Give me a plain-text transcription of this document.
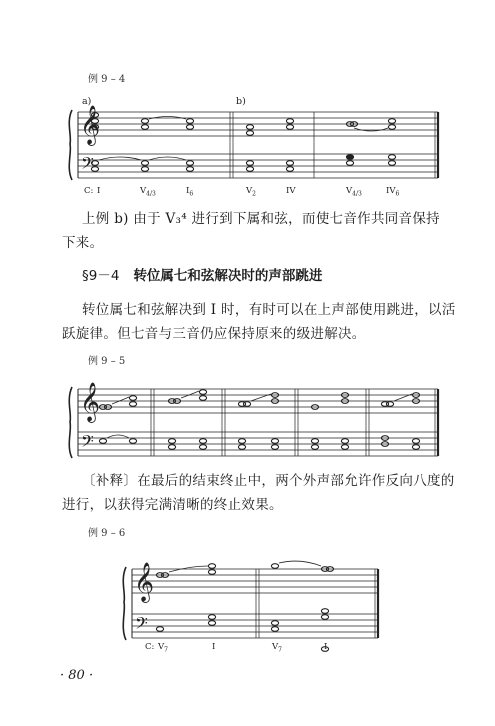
例 9 – 4
a)	b)
𝄞
𝄢
𝄞
𝄢
𝄞
𝄢
C: I	$V_{4/3}$	$I_6$	$V_2$	IV	$V_{4/3}$	$IV_6$
上例 b) 由于 V₃⁴ 进行到下属和弦，而使七音作共同音保持
下来。
§9－4 转位属七和弦解决时的声部跳进
转位属七和弦解决到 I 时，有时可以在上声部使用跳进，以活
跃旋律。但七音与三音仍应保持原来的级进解决。
例 9 – 5
〔补释〕在最后的结束终止中，两个外声部允许作反向八度的
进行，以获得完满清晰的终止效果。
例 9 – 6
C: $V_7$	I	$V_7$	I
· 80 ·
